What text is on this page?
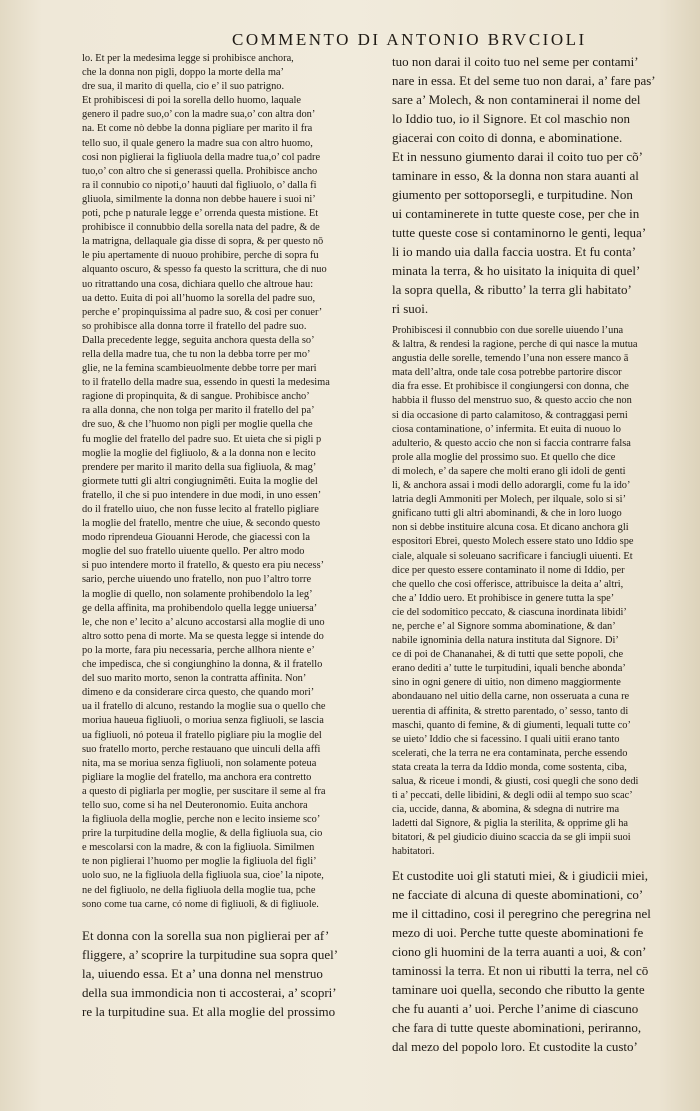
COMMENTO DI ANTONIO BRVCIOLI

lo. Et per la medesima legge si prohibisce anchora,

che la donna non pigli, doppo la morte della ma’

dre sua, il marito di quella, cio e’ il suo patrigno.

Et prohibiscesi di poi la sorella dello huomo, laquale

genero il padre suo,o’ con la madre sua,o’ con altra don’

na. Et come nò debbe la donna pigliare per marito il fra

tello suo, il quale genero la madre sua con altro huomo,

cosi non piglierai la figliuola della madre tua,o’ col padre

tuo,o’ con altro che si generassi quella. Prohibisce ancho

ra il connubio co nipoti,o’ hauuti dal figliuolo, o’ dalla fi

gliuola, similmente la donna non debbe hauere i suoi ni’

poti, pche p naturale legge e’ orrenda questa mistione. Et

prohibisce il connubbio della sorella nata del padre, & de

la matrigna, dellaquale gia disse di sopra, & per questo nō

le piu apertamente di nuouo prohibire, perche di sopra fu

alquanto oscuro, & spesso fa questo la scrittura, che di nuo

uo ritrattando una cosa, dichiara quello che altroue hau:

ua detto. Euita di poi all’huomo la sorella del padre suo,

perche e’ propinquissima al padre suo, & cosi per conuer’

so prohibisce alla donna torre il fratello del padre suo.

Dalla precedente legge, seguita anchora questa della so’

rella della madre tua, che tu non la debba torre per mo’

glie, ne la femina scambieuolmente debbe torre per mari

to il fratello della madre sua, essendo in questi la medesima

ragione di propinquita, & di sangue. Prohibisce ancho’

ra alla donna, che non tolga per marito il fratello del pa’

dre suo, & che l’huomo non pigli per moglie quella che

fu moglie del fratello del padre suo. Et uieta che si pigli p

moglie la moglie del figliuolo, & a la donna non e lecito

prendere per marito il marito della sua figliuola, & mag’

giormete tutti gli altri congiugnimẽti. Euita la moglie del

fratello, il che si puo intendere in due modi, in uno essen’

do il fratello uiuo, che non fusse lecito al fratello pigliare

la moglie del fratello, mentre che uiue, & secondo questo

modo riprendeua Giouanni Herode, che giacessi con la

moglie del suo fratello uiuente quello. Per altro modo

si puo intendere morto il fratello, & questo era piu necess’

sario, perche uiuendo uno fratello, non puo l’altro torre

la moglie di quello, non solamente prohibendolo la leg’

ge della affinita, ma prohibendolo quella legge uniuersa’

le, che non e’ lecito a’ alcuno accostarsi alla moglie di uno

altro sotto pena di morte. Ma se questa legge si intende do

po la morte, fara piu necessaria, perche allhora niente e’

che impedisca, che si congiunghino la donna, & il fratello

del suo marito morto, senon la contratta affinita. Non’

dimeno e da considerare circa questo, che quando mori’

ua il fratello di alcuno, restando la moglie sua o quello che

moriua haueua figliuoli, o moriua senza figliuoli, se lascia

ua figliuoli, nó poteua il fratello pigliare piu la moglie del

suo fratello morto, perche restauano que uinculi della affi

nita, ma se moriua senza figliuoli, non solamente poteua

pigliare la moglie del fratello, ma anchora era contretto

a questo di pigliarla per moglie, per suscitare il seme al fra

tello suo, come si ha nel Deuteronomio. Euita anchora

la figliuola della moglie, perche non e lecito insieme sco’

prire la turpitudine della moglie, & della figliuola sua, cio

e mescolarsi con la madre, & con la figliuola. Similmen

te non piglierai l’huomo per moglie la figliuola del figli’

uolo suo, ne la figliuola della figliuola sua, cioe’ la nipote,

ne del figliuolo, ne della figliuola della moglie tua, pche

sono come tua carne, có nome di figliuoli, & di figliuole.

Et donna con la sorella sua non piglierai per af’

fliggere, a’ scoprire la turpitudine sua sopra quel’

la, uiuendo essa. Et a’ una donna nel menstruo

della sua immondicia non ti accosterai, a’ scopri’

re la turpitudine sua. Et alla moglie del prossimo

tuo non darai il coito tuo nel seme per contami’

nare in essa. Et del seme tuo non darai, a’ fare pas’

sare a’ Molech, & non contaminerai il nome del

lo Iddio tuo, io il Signore. Et col maschio non

giacerai con coito di donna, e abominatione.

Et in nessuno giumento darai il coito tuo per cõ’

taminare in esso, & la donna non stara auanti al

giumento per sottoporsegli, e turpitudine. Non

ui contaminerete in tutte queste cose, per che in

tutte queste cose si contaminorno le genti, lequa’

li io mando uia dalla faccia uostra. Et fu conta’

minata la terra, & ho uisitato la iniquita di quel’

la sopra quella, & ributto’ la terra gli habitato’

ri suoi.

Prohibiscesi il connubbio con due sorelle uiuendo l’una

& laltra, & rendesi la ragione, perche di qui nasce la mutua

angustia delle sorelle, temendo l’una non essere manco ā

mata dell’altra, onde tale cosa potrebbe partorire discor

dia fra esse. Et prohibisce il congiungersi con donna, che

habbia il flusso del menstruo suo, & questo accio che non

si dia occasione di parto calamitoso, & contraggasi perni

ciosa contaminatione, o’ infermita. Et euita di nuouo lo

adulterio, & questo accio che non si faccia contrarre falsa

prole alla moglie del prossimo suo. Et quello che dice

di molech, e’ da sapere che molti erano gli idoli de genti

li, & anchora assai i modi dello adorargli, come fu la ido’

latria degli Ammoniti per Molech, per ilquale, solo si si’

gnificano tutti gli altri abominandi, & che in loro luogo

non si debbe instituire alcuna cosa. Et dicano anchora gli

espositori Ebrei, questo Molech essere stato uno Iddio spe

ciale, alquale si soleuano sacrificare i fanciugli uiuenti. Et

dice per questo essere contaminato il nome di Iddio, per

che quello che cosi offerisce, attribuisce la deita a’ altri,

che a’ Iddio uero. Et prohibisce in genere tutta la spe’

cie del sodomitico peccato, & ciascuna inordinata libidi’

ne, perche e’ al Signore somma abominatione, & dan’

nabile ignominia della natura instituta dal Signore. Di’

ce di poi de Chananahei, & di tutti que sette popoli, che

erano dediti a’ tutte le turpitudini, iquali benche abonda’

sino in ogni genere di uitio, non dimeno maggiormente

abondauano nel uitio della carne, non osseruata a cuna re

uerentia di affinita, & stretto parentado, o’ sesso, tanto di

maschi, quanto di femine, & di giumenti, lequali tutte co’

se uieto’ Iddio che si facessino. I quali uitii erano tanto

scelerati, che la terra ne era contaminata, perche essendo

stata creata la terra da Iddio monda, come sostenta, ciba,

salua, & riceue i mondi, & giusti, cosi quegli che sono dedi

ti a’ peccati, delle libidini, & degli odii al tempo suo scac’

cia, uccide, danna, & abomina, & sdegna di nutrire ma

ladetti dal Signore, & piglia la sterilita, & opprime gli ha

bitatori, & pel giudicio diuino scaccia da se gli impii suoi

habitatori.

Et custodite uoi gli statuti miei, & i giudicii miei,

ne facciate di alcuna di queste abominationi, co’

me il cittadino, cosi il peregrino che peregrina nel

mezo di uoi. Perche tutte queste abominationi fe

ciono gli huomini de la terra auanti a uoi, & con’

taminossi la terra. Et non ui ributti la terra, nel cō

taminare uoi quella, secondo che ributto la gente

che fu auanti a’ uoi. Perche l’anime di ciascuno

che fara di tutte queste abominationi, periranno,

dal mezo del popolo loro. Et custodite la custo’
